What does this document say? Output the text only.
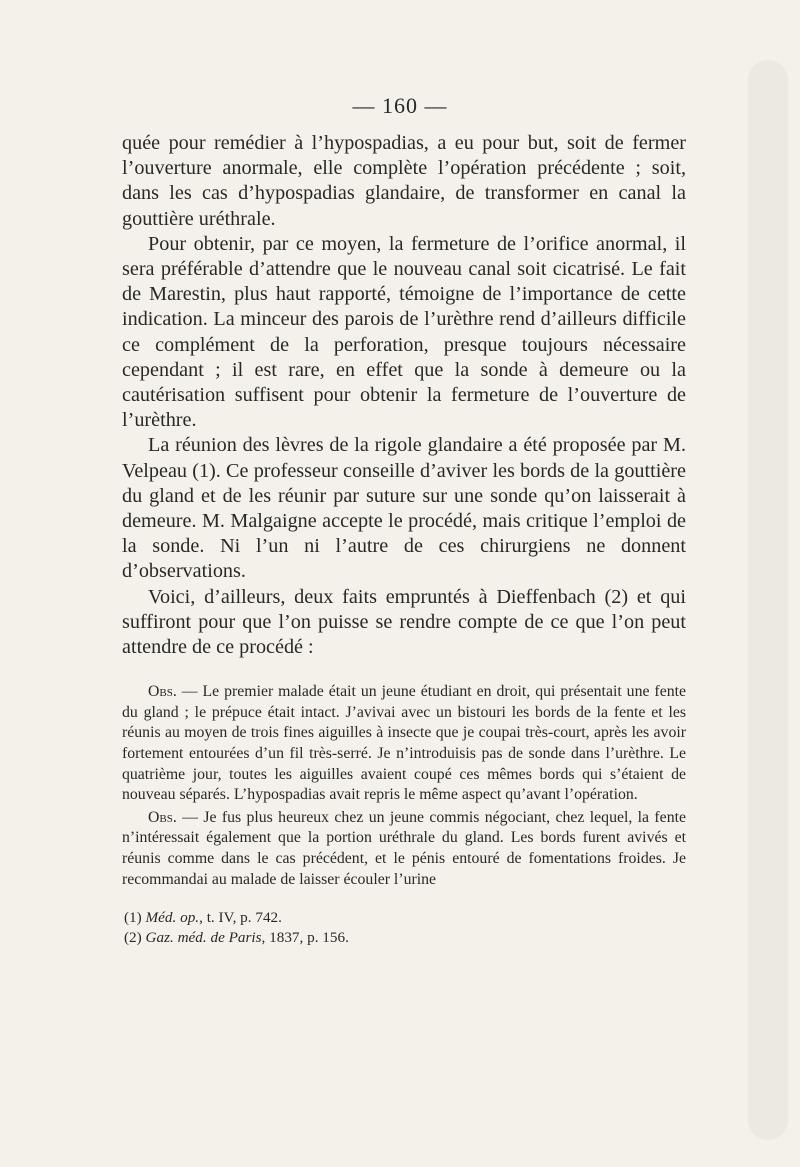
— 160 —

quée pour remédier à l’hypospadias, a eu pour but, soit de fermer l’ouverture anormale, elle complète l’opération précédente ; soit, dans les cas d’hypospadias glandaire, de transformer en canal la gouttière uréthrale.

Pour obtenir, par ce moyen, la fermeture de l’orifice anormal, il sera préférable d’attendre que le nouveau canal soit cicatrisé. Le fait de Marestin, plus haut rapporté, témoigne de l’importance de cette indication. La minceur des parois de l’urèthre rend d’ailleurs difficile ce complément de la perforation, presque toujours nécessaire cependant ; il est rare, en effet que la sonde à demeure ou la cautérisation suffisent pour obtenir la fermeture de l’ouverture de l’urèthre.

La réunion des lèvres de la rigole glandaire a été proposée par M. Velpeau (1). Ce professeur conseille d’aviver les bords de la gouttière du gland et de les réunir par suture sur une sonde qu’on laisserait à demeure. M. Malgaigne accepte le procédé, mais critique l’emploi de la sonde. Ni l’un ni l’autre de ces chirurgiens ne donnent d’observations.

Voici, d’ailleurs, deux faits empruntés à Dieffenbach (2) et qui suffiront pour que l’on puisse se rendre compte de ce que l’on peut attendre de ce procédé :

Obs. — Le premier malade était un jeune étudiant en droit, qui présentait une fente du gland ; le prépuce était intact. J’avivai avec un bistouri les bords de la fente et les réunis au moyen de trois fines aiguilles à insecte que je coupai très-court, après les avoir fortement entourées d’un fil très-serré. Je n’introduisis pas de sonde dans l’urèthre. Le quatrième jour, toutes les aiguilles avaient coupé ces mêmes bords qui s’étaient de nouveau séparés. L’hypospadias avait repris le même aspect qu’avant l’opération.

Obs. — Je fus plus heureux chez un jeune commis négociant, chez lequel, la fente n’intéressait également que la portion uréthrale du gland. Les bords furent avivés et réunis comme dans le cas précédent, et le pénis entouré de fomentations froides. Je recommandai au malade de laisser écouler l’urine

(1) Méd. op., t. IV, p. 742.

(2) Gaz. méd. de Paris, 1837, p. 156.
